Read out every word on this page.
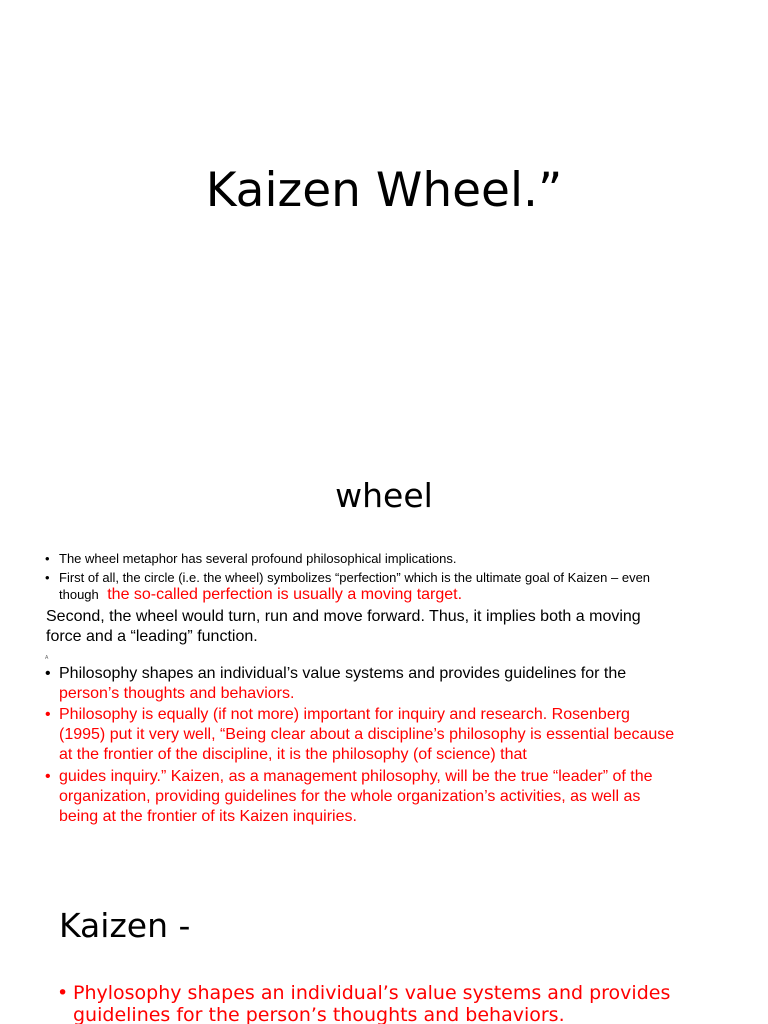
Kaizen Wheel.”
wheel
• The wheel metaphor has several profound philosophical implications.
• First of all, the circle (i.e. the wheel) symbolizes “perfection” which is the ultimate goal of Kaizen – even
though the so-called perfection is usually a moving target.
Second, the wheel would turn, run and move forward. Thus, it implies both a moving
force and a “leading” function.
A
• Philosophy shapes an individual’s value systems and provides guidelines for the
person’s thoughts and behaviors.
• Philosophy is equally (if not more) important for inquiry and research. Rosenberg
(1995) put it very well, “Being clear about a discipline’s philosophy is essential because
at the frontier of the discipline, it is the philosophy (of science) that
• guides inquiry.” Kaizen, as a management philosophy, will be the true “leader” of the
organization, providing guidelines for the whole organization’s activities, as well as
being at the frontier of its Kaizen inquiries.
Kaizen -
• Phylosophy shapes an individual’s value systems and provides
guidelines for the person’s thoughts and behaviors.
